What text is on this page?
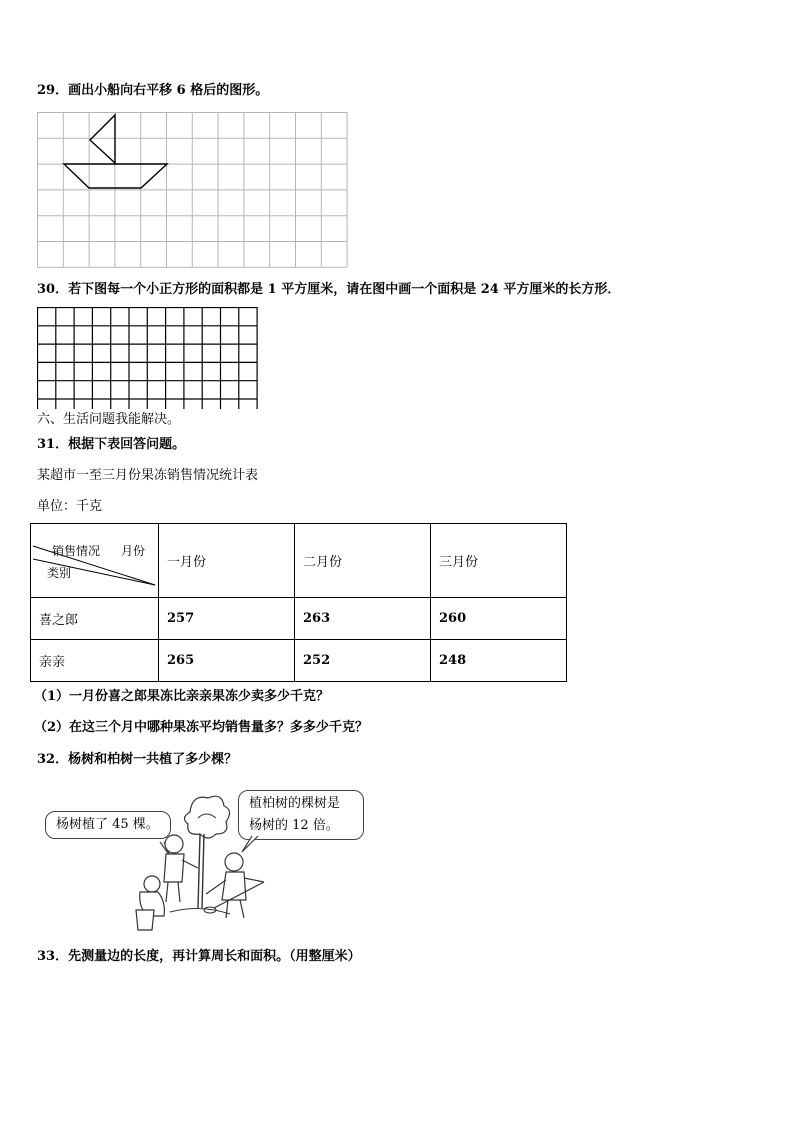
29．画出小船向右平移 6 格后的图形。
30．若下图每一个小正方形的面积都是 1 平方厘米，请在图中画一个面积是 24 平方厘米的长方形．
六、生活问题我能解决。
31．根据下表回答问题。
某超市一至三月份果冻销售情况统计表
单位：千克
销售情况 月份
类别	一月份	二月份	三月份
喜之郎	257	263	260
亲亲	265	252	248
（1）一月份喜之郎果冻比亲亲果冻少卖多少千克？
（2）在这三个月中哪种果冻平均销售量多？多多少千克？
32．杨树和柏树一共植了多少棵？
杨树植了 45 棵。
植柏树的棵树是
杨树的 12 倍。
33．先测量边的长度，再计算周长和面积。（用整厘米）
